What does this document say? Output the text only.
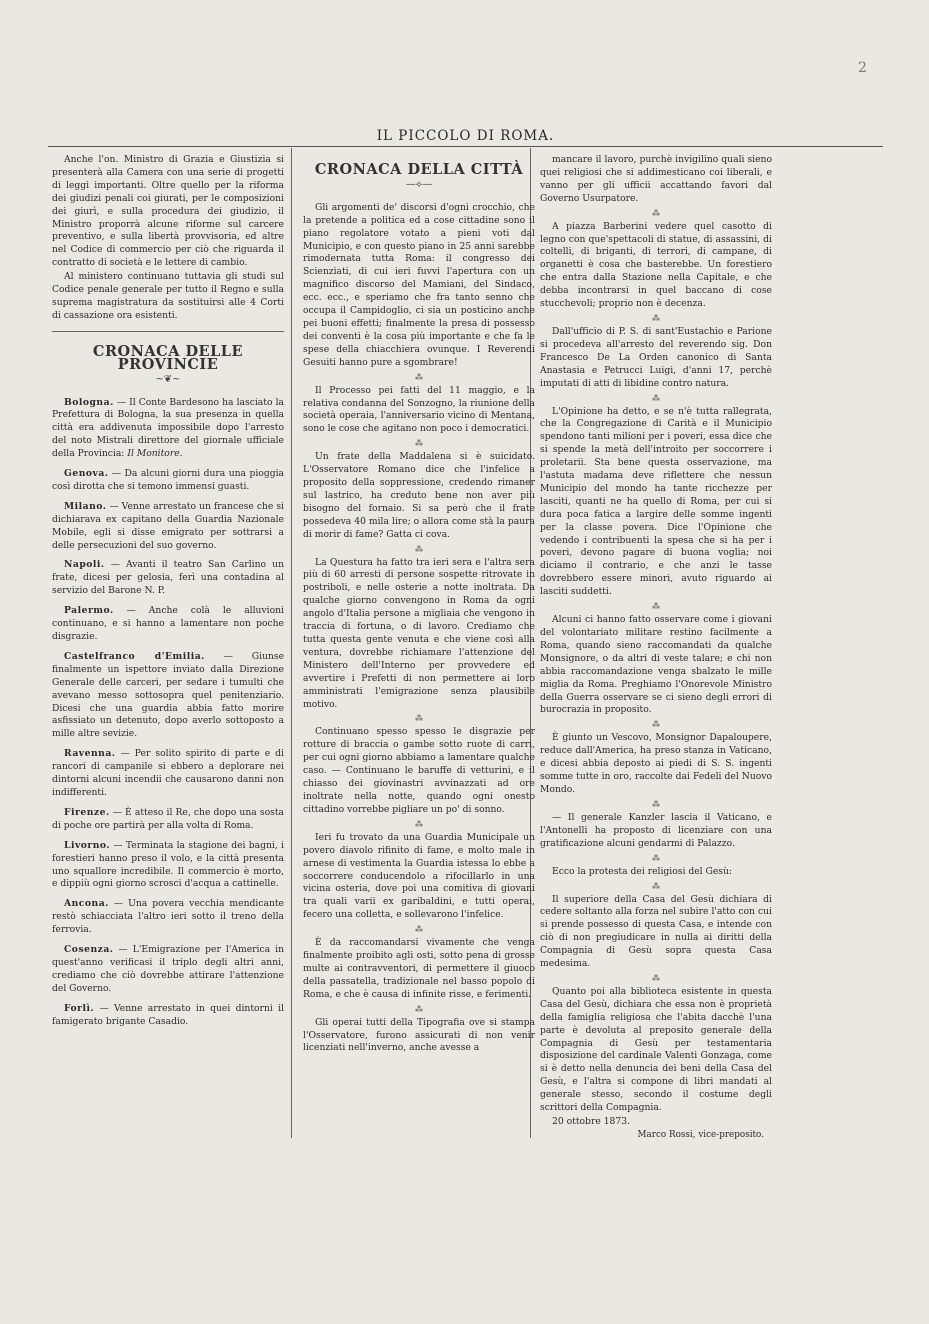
2
IL PICCOLO DI ROMA.

Anche l'on. Ministro di Grazia e Giustizia si presenterà alla Camera con una serie di progetti di leggi importanti. Oltre quello per la riforma dei giudizi penali coi giurati, per le composizioni dei giurì, e sulla procedura dei giudizio, il Ministro proporrà alcune riforme sul carcere preventivo, e sulla libertà provvisoria, ed altre nel Codice di commercio per ciò che riguarda il contratto di società e le lettere di cambio.

Al ministero continuano tuttavia gli studi sul Codice penale generale per tutto il Regno e sulla suprema magistratura da sostituirsi alle 4 Corti di cassazione ora esistenti.

CRONACA DELLE PROVINCIE
~❦~

Bologna. — Il Conte Bardesono ha lasciato la Prefettura di Bologna, la sua presenza in quella città era addivenuta impossibile dopo l'arresto del noto Mistrali direttore del giornale ufficiale della Provincia: Il Monitore.

Genova. — Da alcuni giorni dura una pioggia così dirotta che si temono immensi guasti.

Milano. — Venne arrestato un francese che si dichiarava ex capitano della Guardia Nazionale Mobile, egli si disse emigrato per sottrarsi a delle persecuzioni del suo governo.

Napoli. — Avanti il teatro San Carlino un frate, dicesi per gelosia, ferì una contadina al servizio del Barone N. P.

Palermo. — Anche colà le alluvioni continuano, e si hanno a lamentare non poche disgrazie.

Castelfranco d'Emilia. — Giunse finalmente un ispettore inviato dalla Direzione Generale delle carceri, per sedare i tumulti che avevano messo sottosopra quel penitenziario. Dicesi che una guardia abbia fatto morire asfissiato un detenuto, dopo averlo sottoposto a mille altre sevizie.

Ravenna. — Per solito spirito di parte e di rancori di campanile si ebbero a deplorare nei dintorni alcuni incendii che causarono danni non indifferenti.

Firenze. — È atteso il Re, che dopo una sosta di poche ore partirà per alla volta di Roma.

Livorno. — Terminata la stagione dei bagni, i forestieri hanno preso il volo, e la città presenta uno squallore incredibile. Il commercio è morto, e dippiù ogni giorno scrosci d'acqua a cattinelle.

Ancona. — Una povera vecchia mendicante restò schiacciata l'altro ieri sotto il treno della ferrovia.

Cosenza. — L'Emigrazione per l'America in quest'anno verificasi il triplo degli altri anni, crediamo che ciò dovrebbe attirare l'attenzione del Governo.

Forlì. — Venne arrestato in quei dintorni il famigerato brigante Casadio.

CRONACA DELLA CITTÀ
—⟡—

Gli argomenti de' discorsi d'ogni crocchio, che la pretende a politica ed a cose cittadine sono il piano regolatore votato a pieni voti dal Municipio, e con questo piano in 25 anni sarebbe rimodernata tutta Roma: il congresso dei Scienziati, di cui ieri fuvvi l'apertura con un magnifico discorso del Mamiani, del Sindaco, ecc. ecc., e speriamo che fra tanto senno che occupa il Campidoglio, ci sia un posticino anche pei buoni effetti; finalmente la presa di possesso dei conventi è la cosa più importante e che fa le spese della chiacchiera ovunque. I Reverendi Gesuiti hanno pure a sgombrare!

⁂

Il Processo pei fatti del 11 maggio, e la relativa condanna del Sonzogno, la riunione della società operaia, l'anniversario vicino di Mentana, sono le cose che agitano non poco i democratici.

⁂

Un frate della Maddalena si è suicidato. L'Osservatore Romano dice che l'infelice a proposito della soppressione, credendo rimaner sul lastrico, ha creduto bene non aver più bisogno del fornaio. Si sa però che il frate possedeva 40 mila lire; o allora come stà la paura di morir di fame? Gatta ci cova.

⁂

La Questura ha fatto tra ieri sera e l'altra sera più di 60 arresti di persone sospette ritrovate in postriboli, e nelle osterie a notte inoltrata. Da qualche giorno convengono in Roma da ogni angolo d'Italia persone a migliaia che vengono in traccia di fortuna, o di lavoro. Crediamo che tutta questa gente venuta e che viene così alla ventura, dovrebbe richiamare l'attenzione del Ministero dell'Interno per provvedere ed avvertire i Prefetti di non permettere ai loro amministrati l'emigrazione senza plausibile motivo.

⁂

Continuano spesso spesso le disgrazie per rotture di braccia o gambe sotto ruote di carri, per cui ogni giorno abbiamo a lamentare qualche caso. — Continuano le baruffe di vetturini, e il chiasso dei giovinastri avvinazzati ad ore inoltrate nella notte, quando ogni onesto cittadino vorrebbe pigliare un po' di sonno.

⁂

Ieri fu trovato da una Guardia Municipale un povero diavolo rifinito di fame, e molto male in arnese di vestimenta la Guardia istessa lo ebbe a soccorrere conducendolo a rifocillarlo in una vicina osteria, dove poi una comitiva di giovani tra quali varii ex garibaldini, e tutti operai, fecero una colletta, e sollevarono l'infelice.

⁂

È da raccomandarsi vivamente che venga finalmente proibito agli osti, sotto pena di grosse multe ai contravventori, di permettere il giuoco della passatella, tradizionale nel basso popolo di Roma, e che è causa di infinite risse, e ferimenti.

⁂

Gli operai tutti della Tipografia ove si stampa l'Osservatore, furono assicurati di non venir licenziati nell'inverno, anche avesse a

mancare il lavoro, purchè invigilino quali sieno quei religiosi che si addimesticano coi liberali, e vanno per gli ufficii accattando favori dal Governo Usurpatore.

⁂

A piazza Barberini vedere quel casotto di legno con que'spettacoli di statue, di assassini, di coltelli, di briganti, di terrori, di campane, di organetti è cosa che basterebbe. Un forestiero che entra dalla Stazione nella Capitale, e che debba incontrarsi in quel baccano di cose stucchevoli; proprio non è decenza.

⁂

Dall'ufficio di P. S. di sant'Eustachio e Parione si procedeva all'arresto del reverendo sig. Don Francesco De La Orden canonico di Santa Anastasia e Petrucci Luigi, d'anni 17, perchè imputati di atti di libidine contro natura.

⁂

L'Opinione ha detto, e se n'è tutta rallegrata, che la Congregazione di Carità e il Municipio spendono tanti milioni per i poveri, essa dice che si spende la metà dell'introito per soccorrere i proletarii. Sta bene questa osservazione, ma l'astuta madama deve riflettere che nessun Municipio del mondo ha tante ricchezze per lasciti, quanti ne ha quello di Roma, per cui si dura poca fatica a largire delle somme ingenti per la classe povera. Dice l'Opinione che vedendo i contribuenti la spesa che si ha per i poveri, devono pagare di buona voglia; noi diciamo il contrario, e che anzi le tasse dovrebbero essere minori, avuto riguardo ai lasciti suddetti.

⁂

Alcuni ci hanno fatto osservare come i giovani del volontariato militare restino facilmente a Roma, quando sieno raccomandati da qualche Monsignore, o da altri di veste talare; e chi non abbia raccomandazione venga sbalzato le mille miglia da Roma. Preghiamo l'Onorevole Ministro della Guerra osservare se ci sieno degli errori di burocrazia in proposito.

⁂

È giunto un Vescovo, Monsignor Dapaloupere, reduce dall'America, ha preso stanza in Vaticano, e dicesi abbia deposto ai piedi di S. S. ingenti somme tutte in oro, raccolte dai Fedeli del Nuovo Mondo.

⁂

— Il generale Kanzler lascia il Vaticano, e l'Antonelli ha proposto di licenziare con una gratificazione alcuni gendarmi di Palazzo.

⁂

Ecco la protesta dei religiosi del Gesù:

⁂

Il superiore della Casa del Gesù dichiara di cedere soltanto alla forza nel subire l'atto con cui si prende possesso di questa Casa, e intende con ciò di non pregiudicare in nulla ai diritti della Compagnia di Gesù sopra questa Casa medesima.

⁂

Quanto poi alla biblioteca esistente in questa Casa del Gesù, dichiara che essa non è proprietà della famiglia religiosa che l'abita dacchè l'una parte è devoluta al preposito generale della Compagnia di Gesù per testamentaria disposizione del cardinale Valenti Gonzaga, come si è detto nella denuncia dei beni della Casa del Gesù, e l'altra si compone di libri mandati al generale stesso, secondo il costume degli scrittori della Compagnia.

20 ottobre 1873.

Marco Rossi, vice-preposito.
